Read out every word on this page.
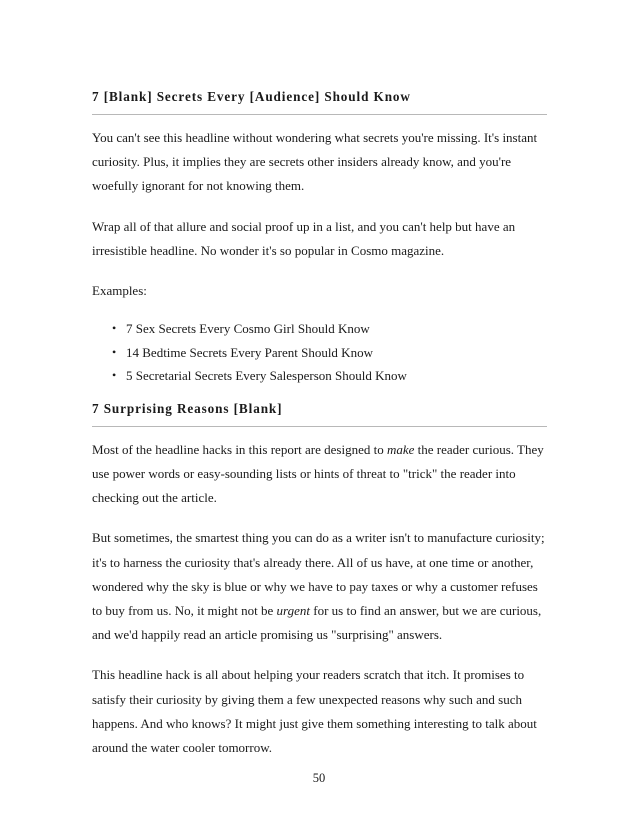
7 [Blank] Secrets Every [Audience] Should Know

You can't see this headline without wondering what secrets you're missing. It's instant curiosity. Plus, it implies they are secrets other insiders already know, and you're woefully ignorant for not knowing them.

Wrap all of that allure and social proof up in a list, and you can't help but have an irresistible headline. No wonder it's so popular in Cosmo magazine.

Examples:

• 7 Sex Secrets Every Cosmo Girl Should Know
• 14 Bedtime Secrets Every Parent Should Know
• 5 Secretarial Secrets Every Salesperson Should Know
7 Surprising Reasons [Blank]

Most of the headline hacks in this report are designed to make the reader curious. They use power words or easy-sounding lists or hints of threat to "trick" the reader into checking out the article.

But sometimes, the smartest thing you can do as a writer isn't to manufacture curiosity; it's to harness the curiosity that's already there. All of us have, at one time or another, wondered why the sky is blue or why we have to pay taxes or why a customer refuses to buy from us. No, it might not be urgent for us to find an answer, but we are curious, and we'd happily read an article promising us "surprising" answers.

This headline hack is all about helping your readers scratch that itch. It promises to satisfy their curiosity by giving them a few unexpected reasons why such and such happens. And who knows? It might just give them something interesting to talk about around the water cooler tomorrow.

50
